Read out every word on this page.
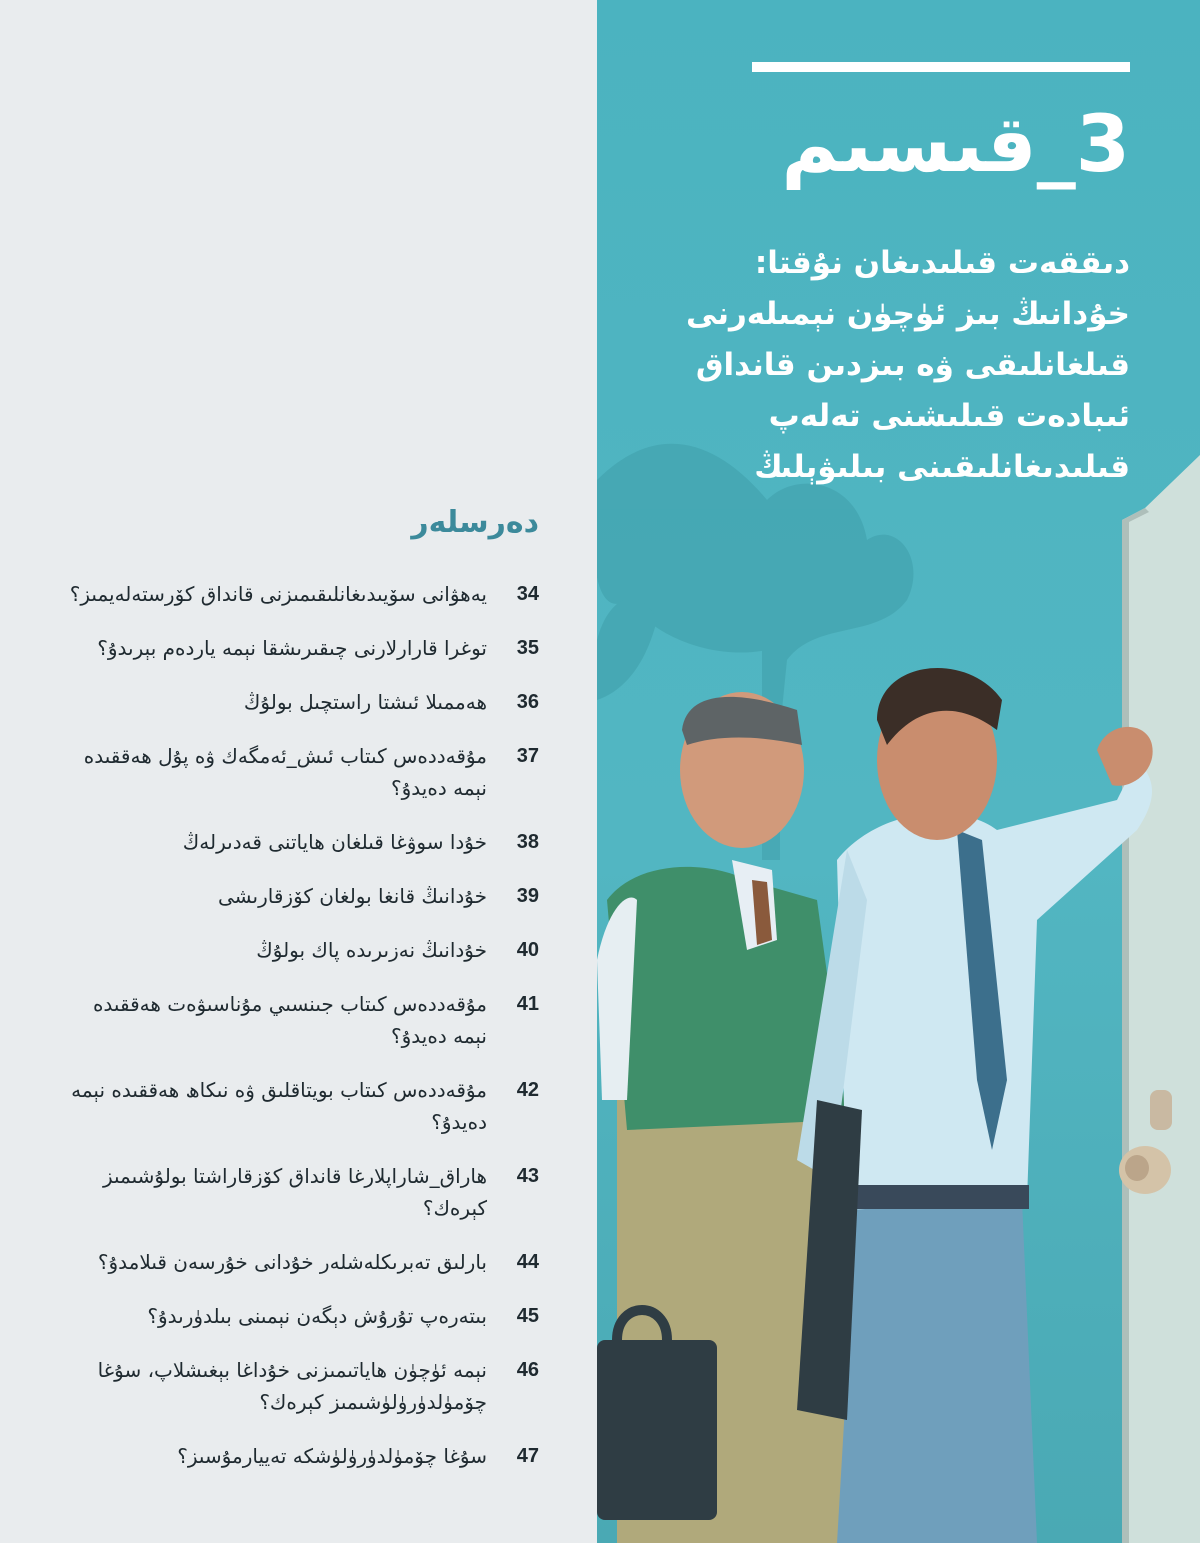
دەرسلەر
34
يەھۋانى سۆيىدىغانلىقىمىزنى قانداق كۆرستەلەيمىز؟
35
توغرا قارارلارنى چىقىرىشقا نېمە ياردەم بېرىدۇ؟
36
ھەممىلا ئىشتا راستچىل بولۇڭ
37
مۇقەددەس كىتاب ئىش_ئەمگەك ۋە پۇل ھەققىدە نېمە دەيدۇ؟
38
خۇدا سوۋغا قىلغان ھاياتنى قەدىرلەڭ
39
خۇدانىڭ قانغا بولغان كۆزقارىشى
40
خۇدانىڭ نەزىرىدە پاك بولۇڭ
41
مۇقەددەس كىتاب جىنسىي مۇناسىۋەت ھەققىدە نېمە دەيدۇ؟
42
مۇقەددەس كىتاب بويتاقلىق ۋە نىكاھ ھەققىدە نېمە دەيدۇ؟
43
ھاراق_شاراپلارغا قانداق كۆزقاراشتا بولۇشىمىز كېرەك؟
44
بارلىق تەبرىكلەشلەر خۇدانى خۇرسەن قىلامدۇ؟
45
بىتەرەپ تۇرۇش دېگەن نېمىنى بىلدۈرىدۇ؟
46
نېمە ئۈچۈن ھاياتىمىزنى خۇداغا بېغىشلاپ، سۇغا چۆمۈلدۈرۈلۈشىمىز كېرەك؟
47
سۇغا چۆمۈلدۈرۈلۈشكە تەييارمۇسىز؟
3_قىسىم

دىققەت قىلىدىغان نۇقتا: خۇدانىڭ بىز ئۈچۈن نېمىلەرنى قىلغانلىقى ۋە بىزدىن قانداق ئىبادەت قىلىشنى تەلەپ قىلىدىغانلىقىنى بىلىۋېلىڭ
